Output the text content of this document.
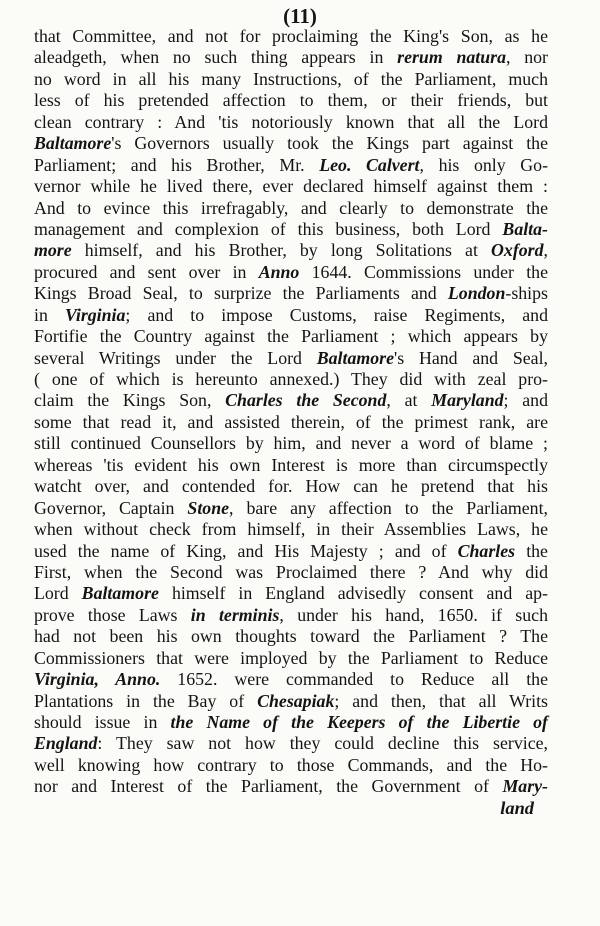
(11)
that Committee, and not for proclaiming the King's Son, as he
aleadgeth, when no such thing appears in rerum natura, nor
no word in all his many Instructions, of the Parliament, much
less of his pretended affection to them, or their friends, but
clean contrary : And 'tis notoriously known that all the Lord
Baltamore's Governors usually took the Kings part against the
Parliament; and his Brother, Mr. Leo. Calvert, his only Go-
vernor while he lived there, ever declared himself against them :
And to evince this irrefragably, and clearly to demonstrate the
management and complexion of this business, both Lord Balta-
more himself, and his Brother, by long Solitations at Oxford,
procured and sent over in Anno 1644. Commissions under the
Kings Broad Seal, to surprize the Parliaments and London-ships
in Virginia; and to impose Customs, raise Regiments, and
Fortifie the Country against the Parliament ; which appears by
several Writings under the Lord Baltamore's Hand and Seal,
( one of which is hereunto annexed.) They did with zeal pro-
claim the Kings Son, Charles the Second, at Maryland; and
some that read it, and assisted therein, of the primest rank, are
still continued Counsellors by him, and never a word of blame ;
whereas 'tis evident his own Interest is more than circumspectly
watcht over, and contended for. How can he pretend that his
Governor, Captain Stone, bare any affection to the Parliament,
when without check from himself, in their Assemblies Laws, he
used the name of King, and His Majesty ; and of Charles the
First, when the Second was Proclaimed there ? And why did
Lord Baltamore himself in England advisedly consent and ap-
prove those Laws in terminis, under his hand, 1650. if such
had not been his own thoughts toward the Parliament ? The
Commissioners that were imployed by the Parliament to Reduce
Virginia, Anno. 1652. were commanded to Reduce all the
Plantations in the Bay of Chesapiak; and then, that all Writs
should issue in the Name of the Keepers of the Libertie of
England: They saw not how they could decline this service,
well knowing how contrary to those Commands, and the Ho-
nor and Interest of the Parliament, the Government of Mary-
land
